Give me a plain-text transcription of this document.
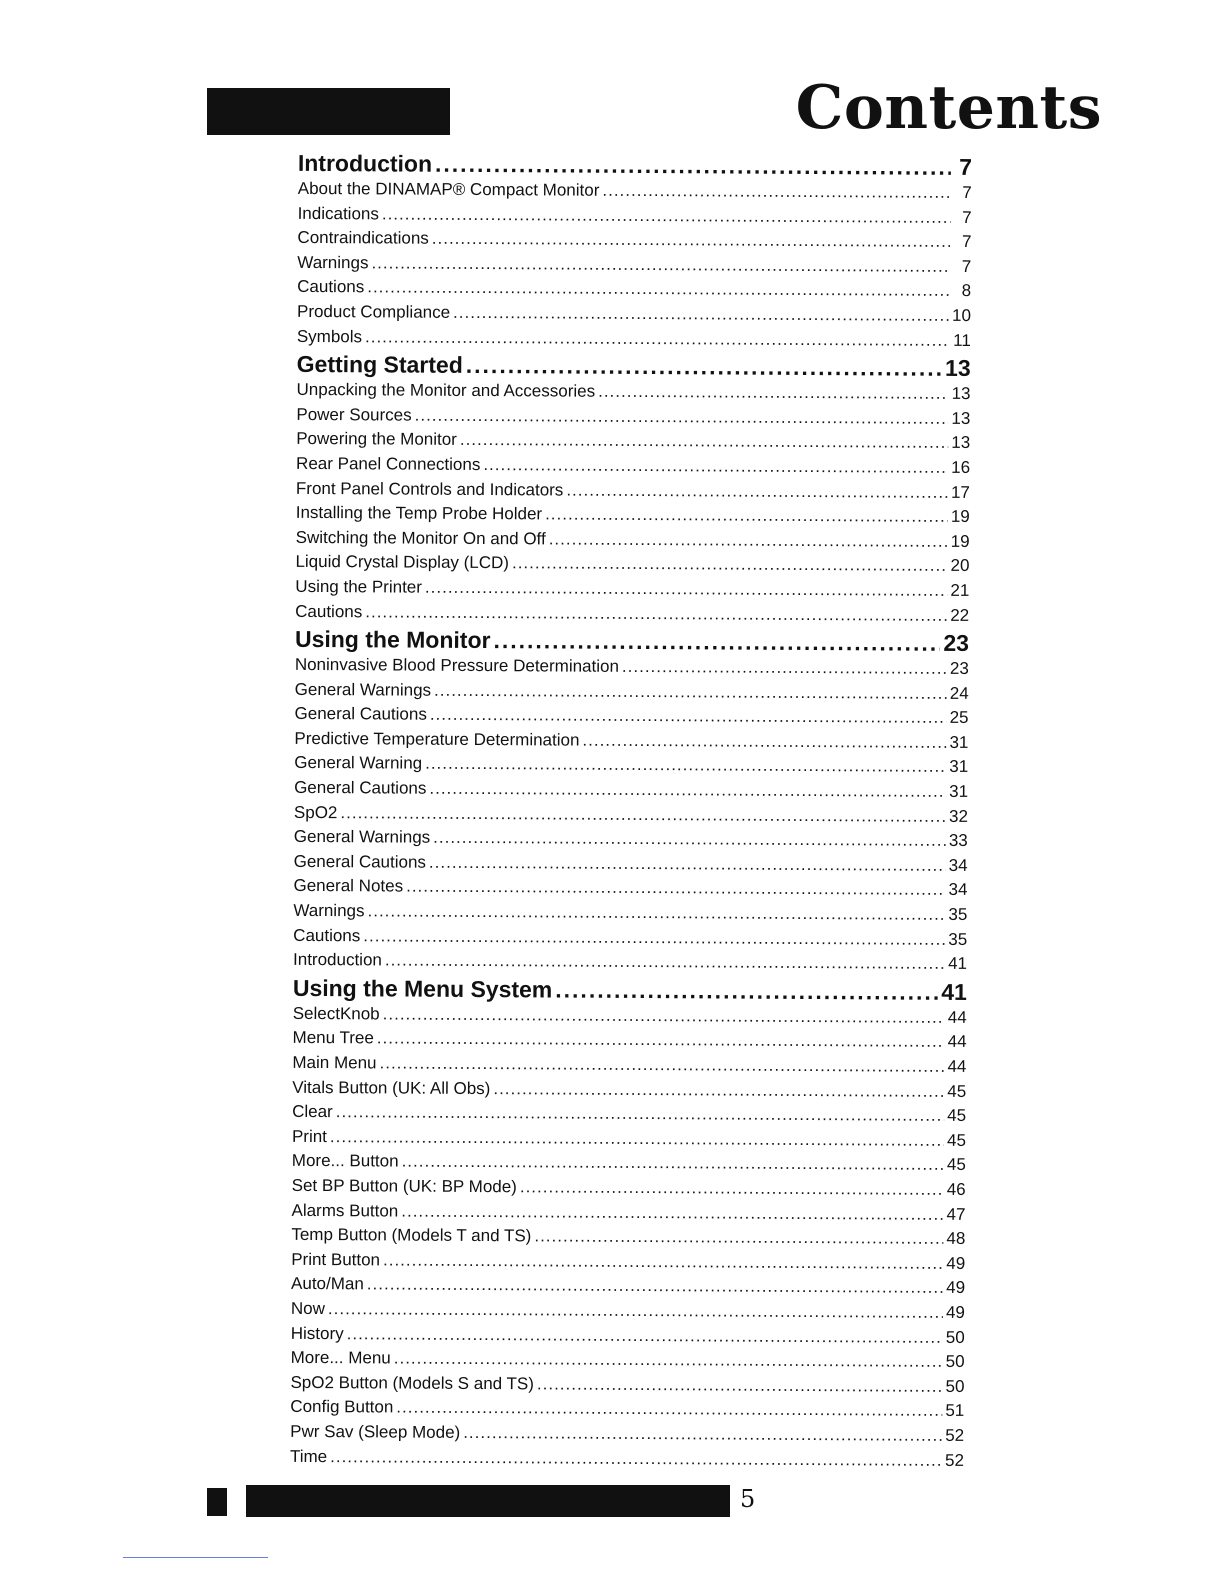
Contents
Introduction .....	7
About the DINAMAP® Compact Monitor .....	7
Indications .....	7
Contraindications .....	7
Warnings .....	7
Cautions .....	8
Product Compliance .....	10
Symbols .....	11
Getting Started .....	13
Unpacking the Monitor and Accessories .....	13
Power Sources .....	13
Powering the Monitor .....	13
Rear Panel Connections .....	16
Front Panel Controls and Indicators .....	17
Installing the Temp Probe Holder .....	19
Switching the Monitor On and Off .....	19
Liquid Crystal Display (LCD) .....	20
Using the Printer .....	21
Cautions .....	22
Using the Monitor .....	23
Noninvasive Blood Pressure Determination .....	23
General Warnings .....	24
General Cautions .....	25
Predictive Temperature Determination .....	31
General Warning .....	31
General Cautions .....	31
SpO2 .....	32
General Warnings .....	33
General Cautions .....	34
General Notes .....	34
Warnings .....	35
Cautions .....	35
Introduction .....	41
Using the Menu System .....	41
SelectKnob .....	44
Menu Tree .....	44
Main Menu .....	44
Vitals Button (UK: All Obs) .....	45
Clear .....	45
Print .....	45
More... Button .....	45
Set BP Button (UK: BP Mode) .....	46
Alarms Button .....	47
Temp Button (Models T and TS) .....	48
Print Button .....	49
Auto/Man .....	49
Now .....	49
History .....	50
More... Menu .....	50
SpO2 Button (Models S and TS) .....	50
Config Button .....	51
Pwr Sav (Sleep Mode) .....	52
Time .....	52
5
